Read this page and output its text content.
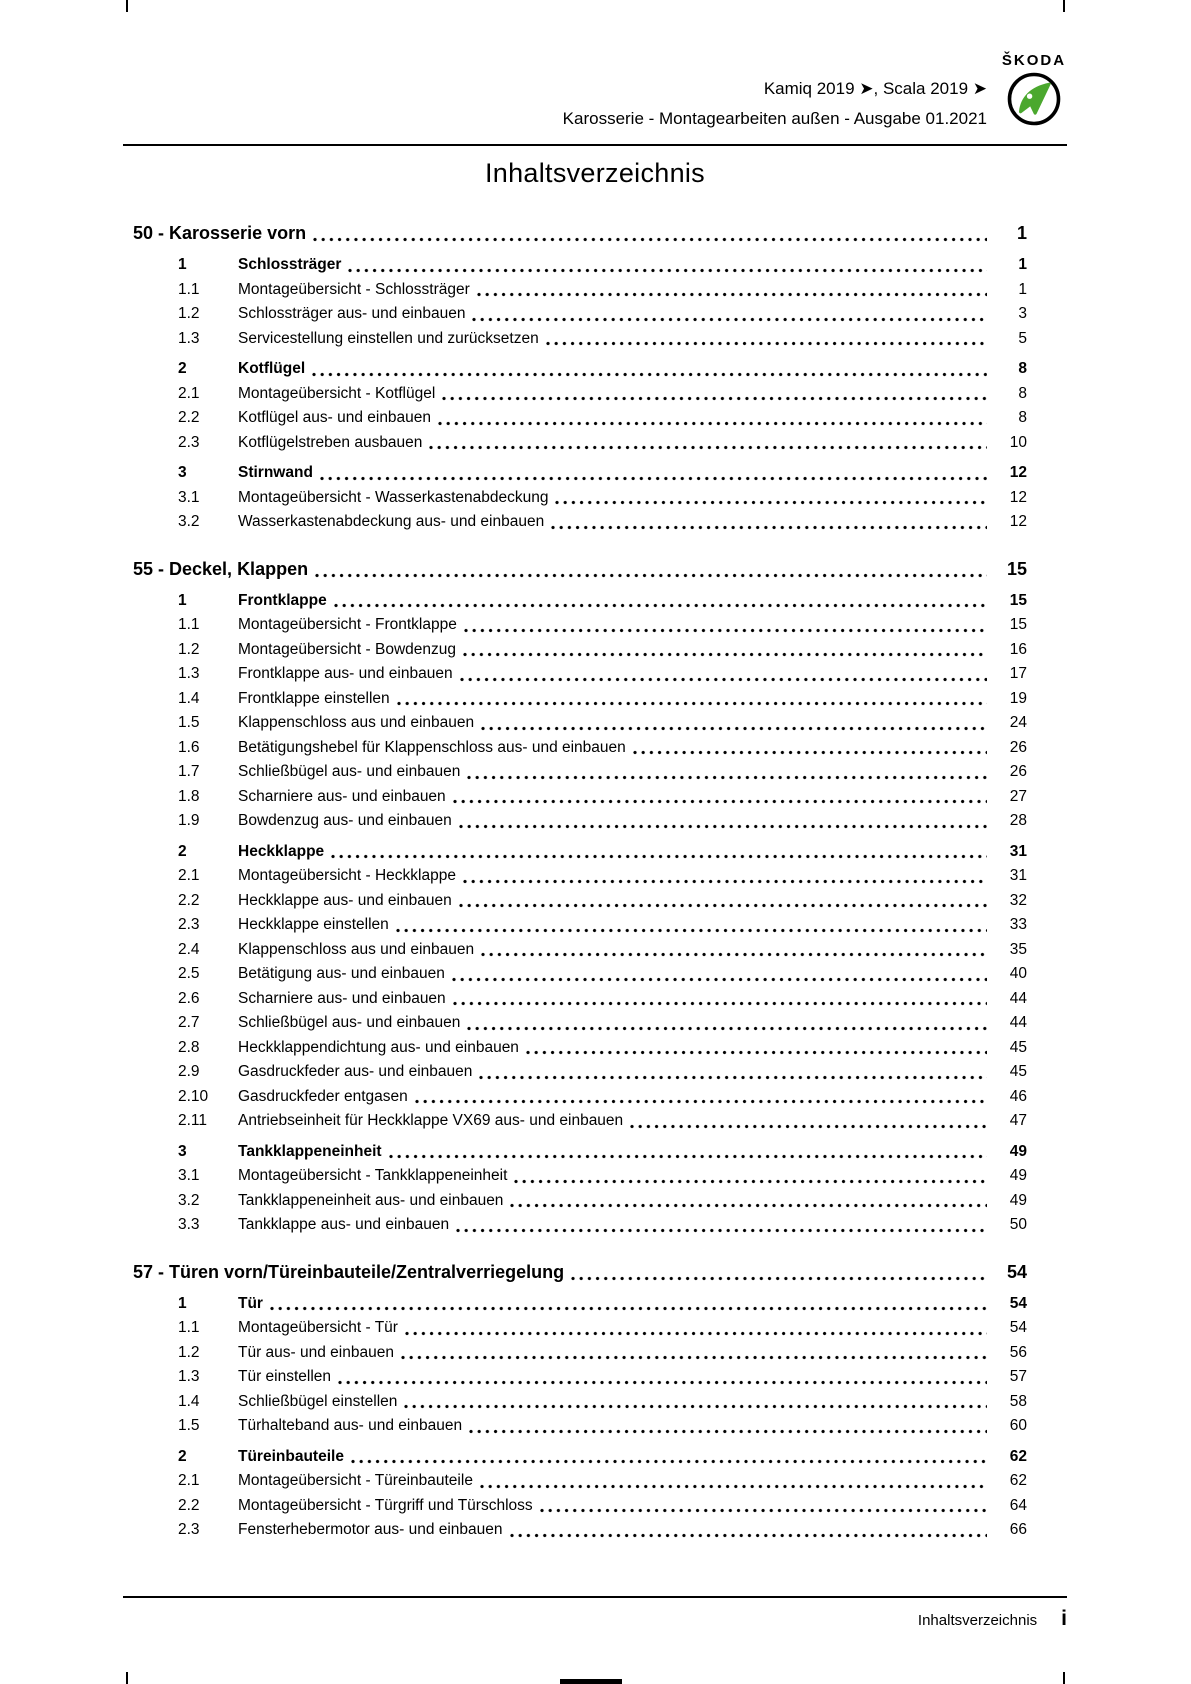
Kamiq 2019 ➤, Scala 2019 ➤
Karosserie - Montagearbeiten außen - Ausgabe 01.2021
ŠKODA
Inhaltsverzeichnis
50 - Karosserie vorn	1
1	Schlossträger	1
1.1	Montageübersicht - Schlossträger	1
1.2	Schlossträger aus- und einbauen	3
1.3	Servicestellung einstellen und zurücksetzen	5
2	Kotflügel	8
2.1	Montageübersicht - Kotflügel	8
2.2	Kotflügel aus- und einbauen	8
2.3	Kotflügelstreben ausbauen	10
3	Stirnwand	12
3.1	Montageübersicht - Wasserkastenabdeckung	12
3.2	Wasserkastenabdeckung aus- und einbauen	12
55 - Deckel, Klappen	15
1	Frontklappe	15
1.1	Montageübersicht - Frontklappe	15
1.2	Montageübersicht - Bowdenzug	16
1.3	Frontklappe aus- und einbauen	17
1.4	Frontklappe einstellen	19
1.5	Klappenschloss aus und einbauen	24
1.6	Betätigungshebel für Klappenschloss aus- und einbauen	26
1.7	Schließbügel aus- und einbauen	26
1.8	Scharniere aus- und einbauen	27
1.9	Bowdenzug aus- und einbauen	28
2	Heckklappe	31
2.1	Montageübersicht - Heckklappe	31
2.2	Heckklappe aus- und einbauen	32
2.3	Heckklappe einstellen	33
2.4	Klappenschloss aus und einbauen	35
2.5	Betätigung aus- und einbauen	40
2.6	Scharniere aus- und einbauen	44
2.7	Schließbügel aus- und einbauen	44
2.8	Heckklappendichtung aus- und einbauen	45
2.9	Gasdruckfeder aus- und einbauen	45
2.10	Gasdruckfeder entgasen	46
2.11	Antriebseinheit für Heckklappe VX69 aus- und einbauen	47
3	Tankklappeneinheit	49
3.1	Montageübersicht - Tankklappeneinheit	49
3.2	Tankklappeneinheit aus- und einbauen	49
3.3	Tankklappe aus- und einbauen	50
57 - Türen vorn/Türeinbauteile/Zentralverriegelung	54
1	Tür	54
1.1	Montageübersicht - Tür	54
1.2	Tür aus- und einbauen	56
1.3	Tür einstellen	57
1.4	Schließbügel einstellen	58
1.5	Türhalteband aus- und einbauen	60
2	Türeinbauteile	62
2.1	Montageübersicht - Türeinbauteile	62
2.2	Montageübersicht - Türgriff und Türschloss	64
2.3	Fensterhebermotor aus- und einbauen	66
Inhaltsverzeichnis i
